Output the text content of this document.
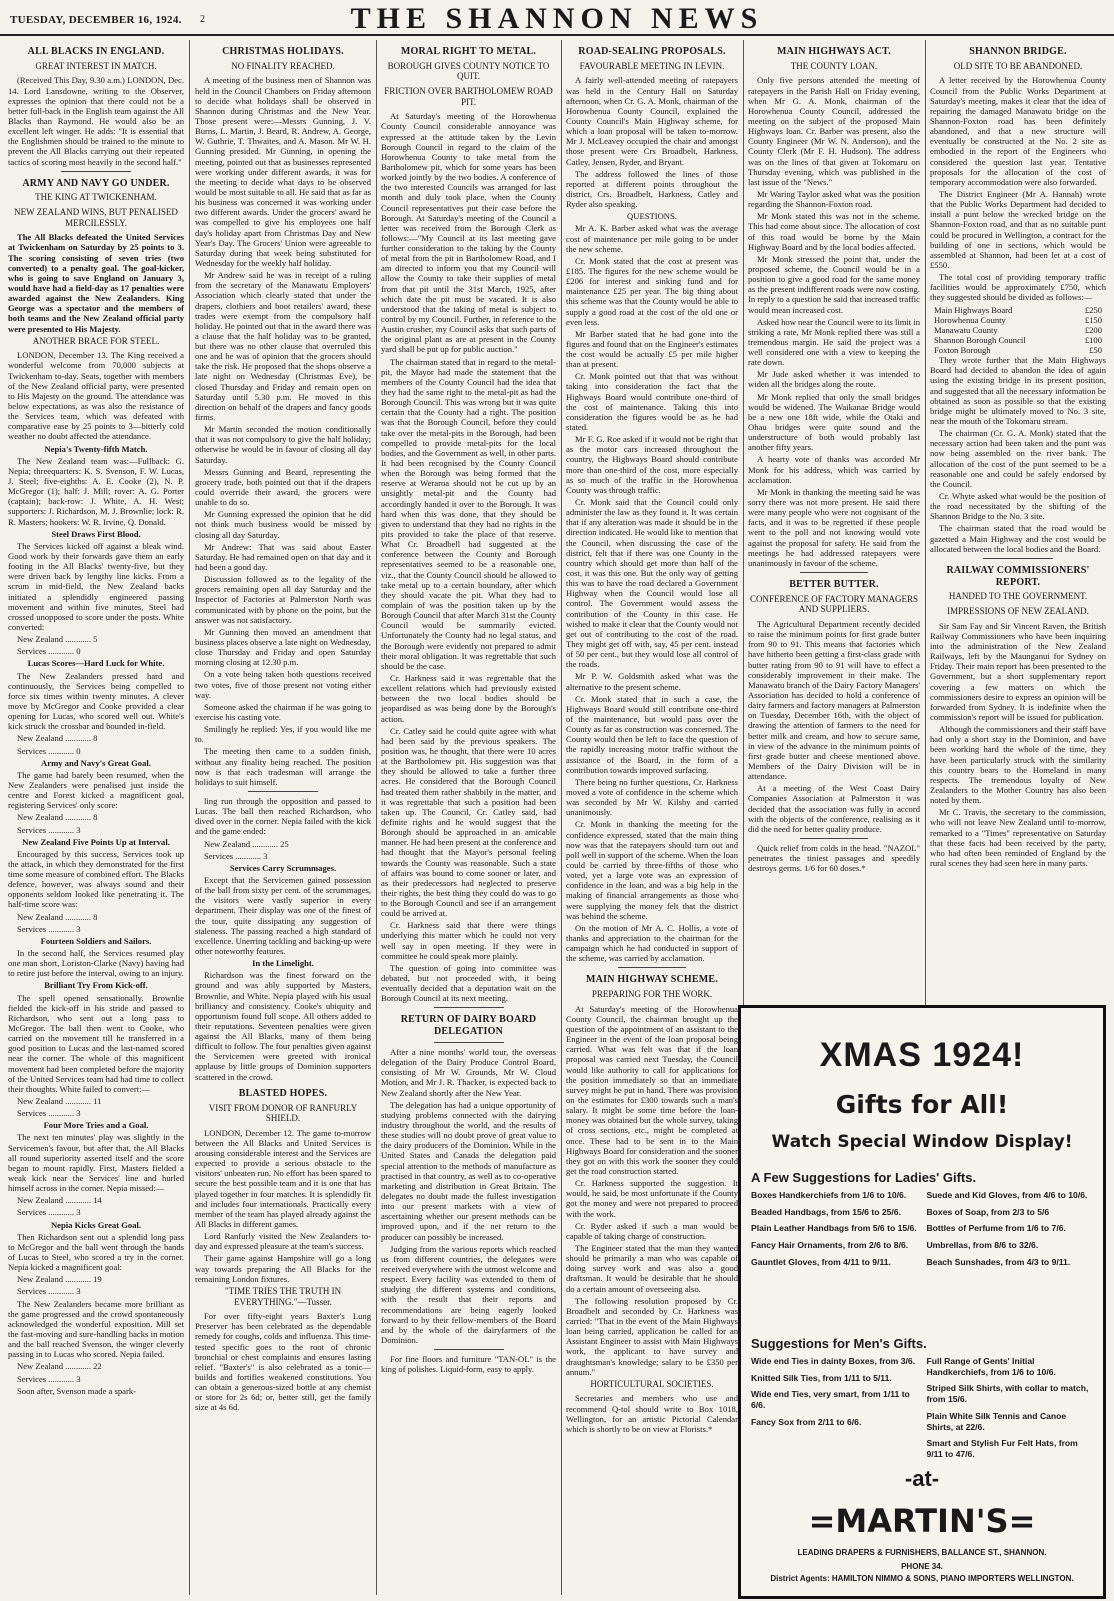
TUESDAY, DECEMBER 16, 1924. 2	THE SHANNON NEWS
ALL BLACKS IN ENGLAND.
GREAT INTEREST IN MATCH.

(Received This Day, 9.30 a.m.) LONDON, Dec. 14. Lord Lansdowne, writing to the Observer, expresses the opinion that there could not be a better full-back in the English team against the All Blacks than Raymond. He would also be an excellent left winger. He adds: "It is essential that the Englishmen should be trained to the minute to prevent the All Blacks carrying out their repeated tactics of scoring most heavily in the second half."

ARMY AND NAVY GO UNDER.
THE KING AT TWICKENHAM.
NEW ZEALAND WINS, BUT PENALISED MERCILESSLY.

The All Blacks defeated the United Services at Twickenham on Saturday by 25 points to 3. The scoring consisting of seven tries (two converted) to a penalty goal. The goal-kicker, who is going to save England on January 3, would have had a field-day as 17 penalties were awarded against the New Zealanders. King George was a spectator and the members of both teams and the New Zealand official party were presented to His Majesty.

ANOTHER BRACE FOR STEEL.

LONDON, December 13. The King received a wonderful welcome from 70,000 subjects at Twickenham to-day. Seats, together with members of the New Zealand official party, were presented to His Majesty on the ground. The attendance was below expectations, as was also the resistance of the Services team, which was defeated with comparative ease by 25 points to 3—bitterly cold weather no doubt affected the attendance.

Nepia's Twenty-fifth Match.

The New Zealand team was:—Fullback: G. Nepia; threequarters: K. S. Svenson, F. W. Lucas, J. Steel; five-eighths: A. E. Cooke (2), N. P. McGregor (1); half: J. Mill; rover: A. G. Porter (captain); back-row: J. White, A. H. West; supporters: J. Richardson, M. J. Brownlie; lock: R. R. Masters; hookers: W. R. Irvine, Q. Donald.

Steel Draws First Blood.

The Services kicked off against a bleak wind. Good work by their forwards gave them an early footing in the All Blacks' twenty-five, but they were driven back by lengthy line kicks. From a scrum in mid-field, the New Zealand backs initiated a splendidly engineered passing movement and within five minutes, Steel had crossed unopposed to score under the posts. White converted:

New Zealand ............ 5

Services ............ 0

Lucas Scores—Hard Luck for White.

The New Zealanders pressed hard and continuously, the Services being compelled to force six times within twenty minutes. A clever move by McGregor and Cooke provided a clear opening for Lucas, who scored well out. White's kick struck the crossbar and bounded in-field.

New Zealand ............ 8

Services ............ 0

Army and Navy's Great Goal.

The game had barely been resumed, when the New Zealanders were penalised just inside the centre and Forest kicked a magnificent goal, registering Services' only score:

New Zealand ............ 8

Services ............ 3

New Zealand Five Points Up at Interval.

Encouraged by this success, Services took up the attack, in which they demonstrated for the first time some measure of combined effort. The Blacks defence, however, was always sound and their opponents seldom looked like penetrating it. The half-time score was:

New Zealand ............ 8

Services ............ 3

Fourteen Soldiers and Sailors.

In the second half, the Services resumed play one man short, Loriston-Clarke (Navy) having had to retire just before the interval, owing to an injury.

Brilliant Try From Kick-off.

The spell opened sensationally. Brownlie fielded the kick-off in his stride and passed to Richardson, who sent out a long pass to McGregor. The ball then went to Cooke, who carried on the movement till he transferred in a good position to Lucas and the last-named scored near the corner. The whole of this magnificent movement had been completed before the majority of the United Services team had had time to collect their thoughts. White failed to convert:—

New Zealand ............ 11

Services ............ 3

Four More Tries and a Goal.

The next ten minutes' play was slightly in the Servicemen's favour, but after that, the All Blacks all round superiority asserted itself and the score began to mount rapidly. First, Masters fielded a weak kick near the Services' line and hurled himself across in the corner. Nepia missed:—

New Zealand ............ 14

Services ............ 3

Nepia Kicks Great Goal.

Then Richardson sent out a splendid long pass to McGregor and the ball went through the hands of Lucas to Steel, who scored a try in the corner. Nepia kicked a magnificent goal:

New Zealand ............ 19

Services ............ 3

The New Zealanders became more brilliant as the game progressed and the crowd spontaneously acknowledged the wonderful exposition. Mill set the fast-moving and sure-handling backs in motion and the ball reached Svenson, the winger cleverly passing in to Lucas who scored. Nepia failed.

New Zealand ............ 22

Services ............ 3

Soon after, Svenson made a spark-

CHRISTMAS HOLIDAYS.
NO FINALITY REACHED.

A meeting of the business men of Shannon was held in the Council Chambers on Friday afternoon to decide what holidays shall be observed in Shannon during Christmas and the New Year. Those present were:—Messrs Gunning, J. V. Burns, L. Martin, J. Beard, R. Andrew, A. George, W. Guthrie, T. Thwaites, and A. Mason. Mr W. H. Gunning presided. Mr Gunning, in opening the meeting, pointed out that as businesses represented were working under different awards, it was for the meeting to decide what days to be observed would be most suitable to all. He said that as far as his business was concerned it was working under two different awards. Under the grocers' award he was compelled to give his employees one half day's holiday apart from Christmas Day and New Year's Day. The Grocers' Union were agreeable to Saturday during that week being substituted for Wednesday for the weekly half holiday.

Mr Andrew said he was in receipt of a ruling from the secretary of the Manawatu Employers' Association which clearly stated that under the drapers, clothiers and boot retailers' award, these trades were exempt from the compulsory half holiday. He pointed out that in the award there was a clause that the half holiday was to be granted, but there was no other clause that overruled this one and he was of opinion that the grocers should take the risk. He proposed that the shops observe a late night on Wednesday (Christmas Eve), be closed Thursday and Friday and remain open on Saturday until 5.30 p.m. He moved in this direction on behalf of the drapers and fancy goods firms.

Mr Martin seconded the motion conditionally that it was not compulsory to give the half holiday; otherwise he would be in favour of closing all day Saturday.

Messrs Gunning and Beard, representing the grocery trade, both pointed out that if the drapers could override their award, the grocers were unable to do so.

Mr Gunning expressed the opinion that he did not think much business would be missed by closing all day Saturday.

Mr Andrew: That was said about Easter Saturday. He had remained open on that day and it had been a good day.

Discussion followed as to the legality of the grocers remaining open all day Saturday and the Inspector of Factories at Palmerston North was communicated with by phone on the point, but the answer was not satisfactory.

Mr Gunning then moved an amendment that business places observe a late night on Wednesday, close Thursday and Friday and open Saturday morning closing at 12.30 p.m.

On a vote being taken both questions received two votes, five of those present not voting either way.

Someone asked the chairman if he was going to exercise his casting vote.

Smilingly he replied: Yes, if you would like me to.

The meeting then came to a sudden finish, without any finality being reached. The position now is that each tradesman will arrange the holidays to suit himself.

ling run through the opposition and passed to Lucas. The ball then reached Richardson, who dived over in the corner. Nepia failed with the kick and the game ended:

New Zealand ............ 25

Services ............ 3

Services Carry Scrummages.

Except that the Servicemen gained possession of the ball from sixty per cent. of the scrummages, the visitors were vastly superior in every department. Their display was one of the finest of the tour, quite dissipating any suggestion of staleness. The passing reached a high standard of excellence. Unerring tackling and backing-up were other noteworthy features.

In the Limelight.

Richardson was the finest forward on the ground and was ably supported by Masters, Brownlie, and White. Nepia played with his usual brilliancy and consistency. Cooke's ubiquity and opportunism found full scope. All others added to their reputations. Seventeen penalties were given against the All Blacks, many of them being difficult to follow. The four penalties given against the Servicemen were greeted with ironical applause by little groups of Dominion supporters scattered in the crowd.

BLASTED HOPES.
VISIT FROM DONOR OF RANFURLY SHIELD.

LONDON, December 12. The game to-morrow between the All Blacks and United Services is arousing considerable interest and the Services are expected to provide a serious obstacle to the visitors' unbeaten run. No effort has been spared to secure the best possible team and it is one that has played together in four matches. It is splendidly fit and includes four internationals. Practically every member of the team has played already against the All Blacks in different games.

Lord Ranfurly visited the New Zealanders to-day and expressed pleasure at the team's success.

Their game against Hampshire will go a long way towards preparing the All Blacks for the remaining London fixtures.

"TIME TRIES THE TRUTH IN EVERYTHING."—Tusser.

For over fifty-eight years Baxter's Lung Preserver has been celebrated as the dependable remedy for coughs, colds and influenza. This time-tested specific goes to the root of chronic bronchial or chest complaints and ensures lasting relief. "Baxter's" is also celebrated as a tonic—builds and fortifies weakened constitutions. You can obtain a generous-sized bottle at any chemist or store for 2s 6d; or, better still, get the family size at 4s 6d.

MORAL RIGHT TO METAL.
BOROUGH GIVES COUNTY NOTICE TO QUIT.
FRICTION OVER BARTHOLOMEW ROAD PIT.

At Saturday's meeting of the Horowhenua County Council considerable annoyance was expressed at the attitude taken by the Levin Borough Council in regard to the claim of the Horowhenua County to take metal from the Bartholomew pit, which for some years has been worked jointly by the two bodies. A conference of the two interested Councils was arranged for last month and duly took place, when the County Council representatives put their case before the Borough. At Saturday's meeting of the Council a letter was received from the Borough Clerk as follows:—"My Council at its last meeting gave further consideration to the taking by the County of metal from the pit in Bartholomew Road, and I am directed to inform you that my Council will allow the County to take their supplies of metal from that pit until the 31st March, 1925, after which date the pit must be vacated. It is also understood that the taking of metal is subject to control by my Council. Further, in reference to the Austin crusher, my Council asks that such parts of the original plant as are at present in the County yard shall be put up for public auction."

The chairman stated that in regard to the metal-pit, the Mayor had made the statement that the members of the County Council had the idea that they had the same right to the metal-pit as had the Borough Council. This was wrong but it was quite certain that the County had a right. The position was that the Borough Council, before they could take over the metal-pits in the Borough, had been compelled to provide metal-pits for the local bodies, and the Government as well, in other parts. It had been recognised by the County Council when the Borough was being formed that the reserve at Weraroa should not be cut up by an unsightly metal-pit and the County had accordingly handed it over to the Borough. It was hard when this was done, that they should be given to understand that they had no rights in the pits provided to take the place of that reserve. What Cr. Broadbell had suggested at the conference between the County and Borough representatives seemed to be a reasonable one, viz., that the County Council should be allowed to take metal up to a certain boundary, after which they should vacate the pit. What they had to complain of was the position taken up by the Borough Council that after March 31st the County Council would be summarily evicted. Unfortunately the County had no legal status, and the Borough were evidently not prepared to admit their moral obligation. It was regrettable that such should be the case.

Cr. Harkness said it was regrettable that the excellent relations which had previously existed between the two local bodies should be jeopardised as was being done by the Borough's action.

Cr. Catley said he could quite agree with what had been said by the previous speakers. The position was, he thought, that there were 10 acres at the Bartholomew pit. His suggestion was that they should be allowed to take a further three acres. He considered that the Borough Council had treated them rather shabbily in the matter, and it was regrettable that such a position had been taken up. The Council, Cr. Catley said, had definite rights and he would suggest that the Borough should be approached in an amicable manner. He had been present at the conference and had thought that the Mayor's personal feeling towards the County was reasonable. Such a state of affairs was bound to come sooner or later, and as their predecessors had neglected to preserve their rights, the best thing they could do was to go to the Borough Council and see if an arrangement could be arrived at.

Cr. Harkness said that there were things underlying this matter which he could not very well say in open meeting. If they were in committee he could speak more plainly.

The question of going into committee was debated, but not proceeded with, it being eventually decided that a deputation wait on the Borough Council at its next meeting.

RETURN OF DAIRY BOARD DELEGATION

After a nine months' world tour, the overseas delegation of the Dairy Produce Control Board, consisting of Mr W. Grounds, Mr W. Cloud Motion, and Mr J. R. Thacker, is expected back to New Zealand shortly after the New Year.

The delegation has had a unique opportunity of studying problems connected with the dairying industry throughout the world, and the results of these studies will no doubt prove of great value to the dairy producers of the Dominion. While in the United States and Canada the delegation paid special attention to the methods of manufacture as practised in that country, as well as to co-operative marketing and distribution in Great Britain. The delegates no doubt made the fullest investigation into our present markets with a view of ascertaining whether our present methods can be improved upon, and if the net return to the producer can possibly be increased.

Judging from the various reports which reached us from different countries, the delegates were received everywhere with the utmost welcome and respect. Every facility was extended to them of studying the different systems and conditions, with the result that their reports and recommendations are being eagerly looked forward to by their fellow-members of the Board and by the whole of the dairyfarmers of the Dominion.

For fine floors and furniture "TAN-OL" is the king of polishes. Liquid-form, easy to apply.

ROAD-SEALING PROPOSALS.
FAVOURABLE MEETING IN LEVIN.

A fairly well-attended meeting of ratepayers was held in the Century Hall on Saturday afternoon, when Cr. G. A. Monk, chairman of the Horowhenua County Council, explained the County Council's Main Highway scheme, for which a loan proposal will be taken to-morrow. Mr J. McLeavey occupied the chair and amongst those present were Crs Broadbelt, Harkness, Catley, Jensen, Ryder, and Bryant.

The address followed the lines of those reported at different points throughout the district, Crs. Broadbelt, Harkness, Catley and Ryder also speaking.

QUESTIONS.

Mr A. K. Barber asked what was the average cost of maintenance per mile going to be under the new scheme.

Cr. Monk stated that the cost at present was £185. The figures for the new scheme would be £206 for interest and sinking fund and for maintenance £25 per year. The big thing about this scheme was that the County would be able to supply a good road at the cost of the old one or even less.

Mr Barber stated that he had gone into the figures and found that on the Engineer's estimates the cost would be actually £5 per mile higher than at present.

Cr. Monk pointed out that that was without taking into consideration the fact that the Highways Board would contribute one-third of the cost of maintenance. Taking this into consideration the figures would be as he had stated.

Mr F. G. Roe asked if it would not be right that as the motor cars increased throughout the country, the Highways Board should contribute more than one-third of the cost, more especially as so much of the traffic in the Horowhenua County was through traffic.

Cr. Monk said that the Council could only administer the law as they found it. It was certain that if any alteration was made it should be in the direction indicated. He would like to mention that the Council, when discussing the case of the district, felt that if there was one County in the country which should get more than half of the cost, it was this one. But the only way of getting this was to have the road declared a Government Highway when the Council would lose all control. The Government would assess the contribution of the County in this case. He wished to make it clear that the County would not get out of contributing to the cost of the road. They might get off with, say, 45 per cent. instead of 50 per cent., but they would lose all control of the roads.

Mr P. W. Goldsmith asked what was the alternative to the present scheme.

Cr. Monk stated that in such a case, the Highways Board would still contribute one-third of the maintenance, but would pass over the County as far as construction was concerned. The County would then be left to face the question of the rapidly increasing motor traffic without the assistance of the Board, in the form of a contribution towards improved surfacing.

There being no further questions, Cr. Harkness moved a vote of confidence in the scheme which was seconded by Mr W. Kilsby and carried unanimously.

Cr. Monk in thanking the meeting for the confidence expressed, stated that the main thing now was that the ratepayers should turn out and poll well in support of the scheme. When the loan could be carried by three-fifths of those who voted, yet a large vote was an expression of confidence in the loan, and was a big help in the making of financial arrangements as those who were supplying the money felt that the district was behind the scheme.

On the motion of Mr A. C. Hollis, a vote of thanks and appreciation to the chairman for the campaign which he had conducted in support of the scheme, was carried by acclamation.

MAIN HIGHWAY SCHEME.
PREPARING FOR THE WORK.

At Saturday's meeting of the Horowhenua County Council, the chairman brought up the question of the appointment of an assistant to the Engineer in the event of the loan proposal being carried. What was felt was that if the loan proposal was carried next Tuesday, the Council would like authority to call for applications for the position immediately so that an immediate survey might be put in hand. There was provision on the estimates for £300 towards such a man's salary. It might be some time before the loan-money was obtained but the whole survey, taking of cross sections, etc., might be completed at once. These had to be sent in to the Main Highways Board for consideration and the sooner they got on with this work the sooner they could get the road construction started.

Cr. Harkness supported the suggestion. It would, he said, be most unfortunate if the County got the money and were not prepared to proceed with the work.

Cr. Ryder asked if such a man would be capable of taking charge of construction.

The Engineer stated that the man they wanted should be primarily a man who was capable of doing survey work and was also a good draftsman. It would be desirable that he should do a certain amount of overseeing also.

The following resolution proposed by Cr. Broadbelt and seconded by Cr. Harkness was carried: "That in the event of the Main Highways loan being carried, application be called for an Assistant Engineer to assist with Main Highways work, the applicant to have survey and draughtsman's knowledge; salary to be £350 per annum."

HORTICULTURAL SOCIETIES.

Secretaries and members who use and recommend Q-tol should write to Box 1018, Wellington, for an artistic Pictorial Calendar which is shortly to be on view at Florists.*

MAIN HIGHWAYS ACT.
THE COUNTY LOAN.

Only five persons attended the meeting of ratepayers in the Parish Hall on Friday evening, when Mr G. A. Monk, chairman of the Horowhenua County Council, addressed the meeting on the subject of the proposed Main Highways loan. Cr. Barber was present, also the County Engineer (Mr W. N. Anderson), and the County Clerk (Mr F. H. Hudson). The address was on the lines of that given at Tokomaru on Thursday evening, which was published in the last issue of the "News."

Mr Waring Taylor asked what was the position regarding the Shannon-Foxton road.

Mr Monk stated this was not in the scheme. This had come about since. The allocation of cost of this road would be borne by the Main Highway Board and by the local bodies affected.

Mr Monk stressed the point that, under the proposed scheme, the Council would be in a position to give a good road for the same money as the present indifferent roads were now costing. In reply to a question he said that increased traffic would mean increased cost.

Asked how near the Council were to its limit in striking a rate, Mr Monk replied there was still a tremendous margin. He said the project was a well considered one with a view to keeping the rate down.

Mr Jude asked whether it was intended to widen all the bridges along the route.

Mr Monk replied that only the small bridges would be widened. The Waikanae Bridge would be a new one 18ft wide, while the Otaki and Ohau bridges were quite sound and the understructure of both would probably last another fifty years.

A hearty vote of thanks was accorded Mr Monk for his address, which was carried by acclamation.

Mr Monk in thanking the meeting said he was sorry there was not more present. He said there were many people who were not cognisant of the facts, and it was to be regretted if these people went to the poll and not knowing would vote against the proposal for safety. He said from the meetings he had addressed ratepayers were unanimously in favour of the scheme.

BETTER BUTTER.
CONFERENCE OF FACTORY MANAGERS AND SUPPLIERS.

The Agricultural Department recently decided to raise the minimum points for first grade butter from 90 to 91. This means that factories which have hitherto been getting a first-class grade with butter rating from 90 to 91 will have to effect a considerably improvement in their make. The Manawatu branch of the Dairy Factory Managers' Association has decided to hold a conference of dairy farmers and factory managers at Palmerston on Tuesday, December 16th, with the object of drawing the attention of farmers to the need for better milk and cream, and how to secure same, in view of the advance in the minimum points of first grade butter and cheese mentioned above. Members of the Dairy Division will be in attendance.

At a meeting of the West Coast Dairy Companies Association at Palmerston it was decided that the association was fully in accord with the objects of the conference, realising as it did the need for better quality produce.

Quick relief from colds in the head. "NAZOL" penetrates the tiniest passages and speedily destroys germs. 1/6 for 60 doses.*

SHANNON BRIDGE.
OLD SITE TO BE ABANDONED.

A letter received by the Horowhenua County Council from the Public Works Department at Saturday's meeting, makes it clear that the idea of repairing the damaged Manawatu bridge on the Shannon-Foxton road has been definitely abandoned, and that a new structure will eventually be constructed at the No. 2 site as embodied in the report of the Engineers who considered the question last year. Tentative proposals for the allocation of the cost of temporary accommodation were also forwarded.

The District Engineer (Mr A. Hannah) wrote that the Public Works Department had decided to install a punt below the wrecked bridge on the Shannon-Foxton road, and that as no suitable punt could be procured in Wellington, a contract for the building of one in sections, which would be assembled at Shannon, had been let at a cost of £550.

The total cost of providing temporary traffic facilities would be approximately £750, which they suggested should be divided as follows:—

Main Highways Board	£250
Horowhenua County	£150
Manawatu County	£200
Shannon Borough Council	£100
Foxton Borough	£50

They wrote further that the Main Highways Board had decided to abandon the idea of again using the existing bridge in its present position, and suggested that all the necessary information be obtained as soon as possible so that the existing bridge might be ultimately moved to No. 3 site, near the mouth of the Tokomaru stream.

The chairman (Cr. G. A. Monk) stated that the necessary action had been taken and the punt was now being assembled on the river bank. The allocation of the cost of the punt seemed to be a reasonable one and could be safely endorsed by the Council.

Cr. Whyte asked what would be the position of the road necessitated by the shifting of the Shannon Bridge to the No. 3 site.

The chairman stated that the road would be gazetted a Main Highway and the cost would be allocated between the local bodies and the Board.

RAILWAY COMMISSIONERS' REPORT.
HANDED TO THE GOVERNMENT.
IMPRESSIONS OF NEW ZEALAND.

Sir Sam Fay and Sir Vincent Raven, the British Railway Commissioners who have been inquiring into the administration of the New Zealand Railways, left by the Maunganui for Sydney on Friday. Their main report has been presented to the Government, but a short supplementary report covering a few matters on which the commissioners desire to express an opinion will be forwarded from Sydney. It is indefinite when the commission's report will be issued for publication.

Although the commissioners and their staff have had only a short stay in the Dominion, and have been working hard the whole of the time, they have been particularly struck with the similarity this country bears to the Homeland in many respects. The tremendous loyalty of New Zealanders to the Mother Country has also been noted by them.

Mr C. Travis, the secretary to the commission, who will not leave New Zealand until to-morrow, remarked to a "Times" representative on Saturday that these facts had been received by the party, who had often been reminded of England by the rural scenes they had seen here in many parts.

XMAS 1924!
Gifts for All!
Watch Special Window Display!
A Few Suggestions for Ladies' Gifts.

Boxes Handkerchiefs from 1/6 to 10/6.

Beaded Handbags, from 15/6 to 25/6.

Plain Leather Handbags from 5/6 to 15/6.

Fancy Hair Ornaments, from 2/6 to 8/6.

Gauntlet Gloves, from 4/11 to 9/11.

Suede and Kid Gloves, from 4/6 to 10/6.

Boxes of Soap, from 2/3 to 5/6

Bottles of Perfume from 1/6 to 7/6.

Umbrellas, from 8/6 to 32/6.

Beach Sunshades, from 4/3 to 9/11.

Suggestions for Men's Gifts.

Wide end Ties in dainty Boxes, from 3/6.

Knitted Silk Ties, from 1/11 to 5/11.

Wide end Ties, very smart, from 1/11 to 6/6.

Fancy Sox from 2/11 to 6/6.

Full Range of Gents' Initial Handkerchiefs, from 1/6 to 10/6.

Striped Silk Shirts, with collar to match, from 15/6.

Plain White Silk Tennis and Canoe Shirts, at 22/6.

Smart and Stylish Fur Felt Hats, from 9/11 to 47/6.

-at-
=MARTIN'S=
LEADING DRAPERS & FURNISHERS, BALLANCE ST., SHANNON.
PHONE 34.
District Agents: HAMILTON NIMMO & SONS, PIANO IMPORTERS WELLINGTON.
